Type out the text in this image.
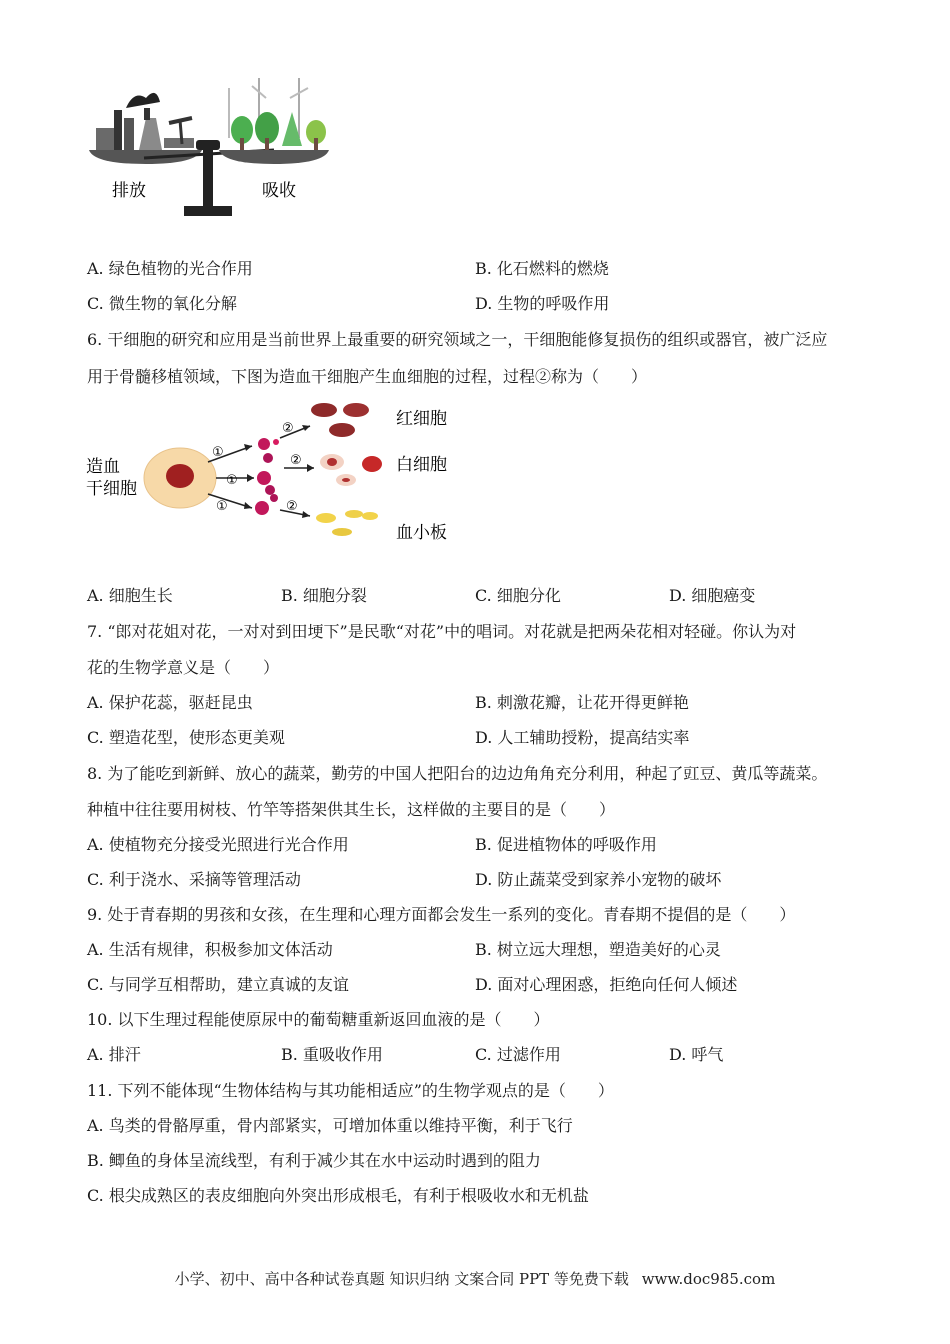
排放	吸收
A. 绿色植物的光合作用	B. 化石燃料的燃烧
C. 微生物的氧化分解	D. 生物的呼吸作用
6. 干细胞的研究和应用是当前世界上最重要的研究领域之一，干细胞能修复损伤的组织或器官，被广泛应
用于骨髓移植领域，下图为造血干细胞产生血细胞的过程，过程②称为（　　）
造血
干细胞
①
①
①
②
②
②
红细胞
白细胞
血小板
A. 细胞生长	B. 细胞分裂	C. 细胞分化	D. 细胞癌变
7. “郎对花姐对花，一对对到田埂下”是民歌“对花”中的唱词。对花就是把两朵花相对轻碰。你认为对
花的生物学意义是（　　）
A. 保护花蕊，驱赶昆虫	B. 刺激花瓣，让花开得更鲜艳
C. 塑造花型，使形态更美观	D. 人工辅助授粉，提高结实率
8. 为了能吃到新鲜、放心的蔬菜，勤劳的中国人把阳台的边边角角充分利用，种起了豇豆、黄瓜等蔬菜。
种植中往往要用树枝、竹竿等搭架供其生长，这样做的主要目的是（　　）
A. 使植物充分接受光照进行光合作用	B. 促进植物体的呼吸作用
C. 利于浇水、采摘等管理活动	D. 防止蔬菜受到家养小宠物的破坏
9. 处于青春期的男孩和女孩，在生理和心理方面都会发生一系列的变化。青春期不提倡的是（　　）
A. 生活有规律，积极参加文体活动	B. 树立远大理想，塑造美好的心灵
C. 与同学互相帮助，建立真诚的友谊	D. 面对心理困惑，拒绝向任何人倾述
10. 以下生理过程能使原尿中的葡萄糖重新返回血液的是（　　）
A. 排汗	B. 重吸收作用	C. 过滤作用	D. 呼气
11. 下列不能体现“生物体结构与其功能相适应”的生物学观点的是（　　）
A. 鸟类的骨骼厚重，骨内部紧实，可增加体重以维持平衡，利于飞行
B. 鲫鱼的身体呈流线型，有利于减少其在水中运动时遇到的阻力
C. 根尖成熟区的表皮细胞向外突出形成根毛，有利于根吸收水和无机盐
小学、初中、高中各种试卷真题 知识归纳 文案合同 PPT 等免费下载 www.doc985.com
